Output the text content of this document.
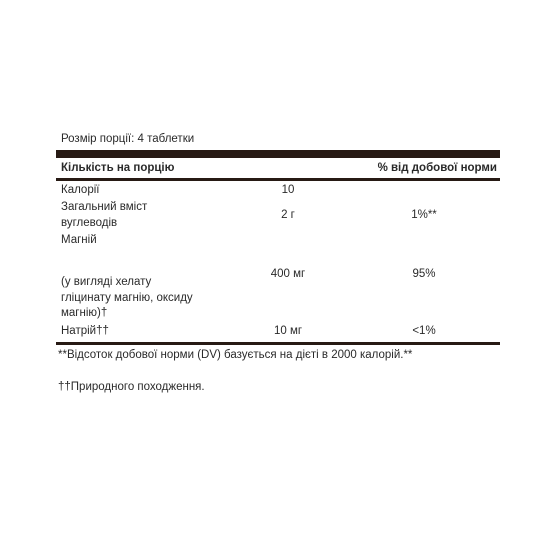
Розмір порції: 4 таблетки
Кількість на порцію	% від добової норми
Калорії	10
Загальний вміст
вуглеводів
2 г	1%**
Магній
(у вигляді хелату
гліцинату магнію, оксиду
магнію)†
400 мг	95%
Натрій††	10 мг	<1%
**Відсоток добової норми (DV) базується на дієті в 2000 калорій.**
††Природного походження.
